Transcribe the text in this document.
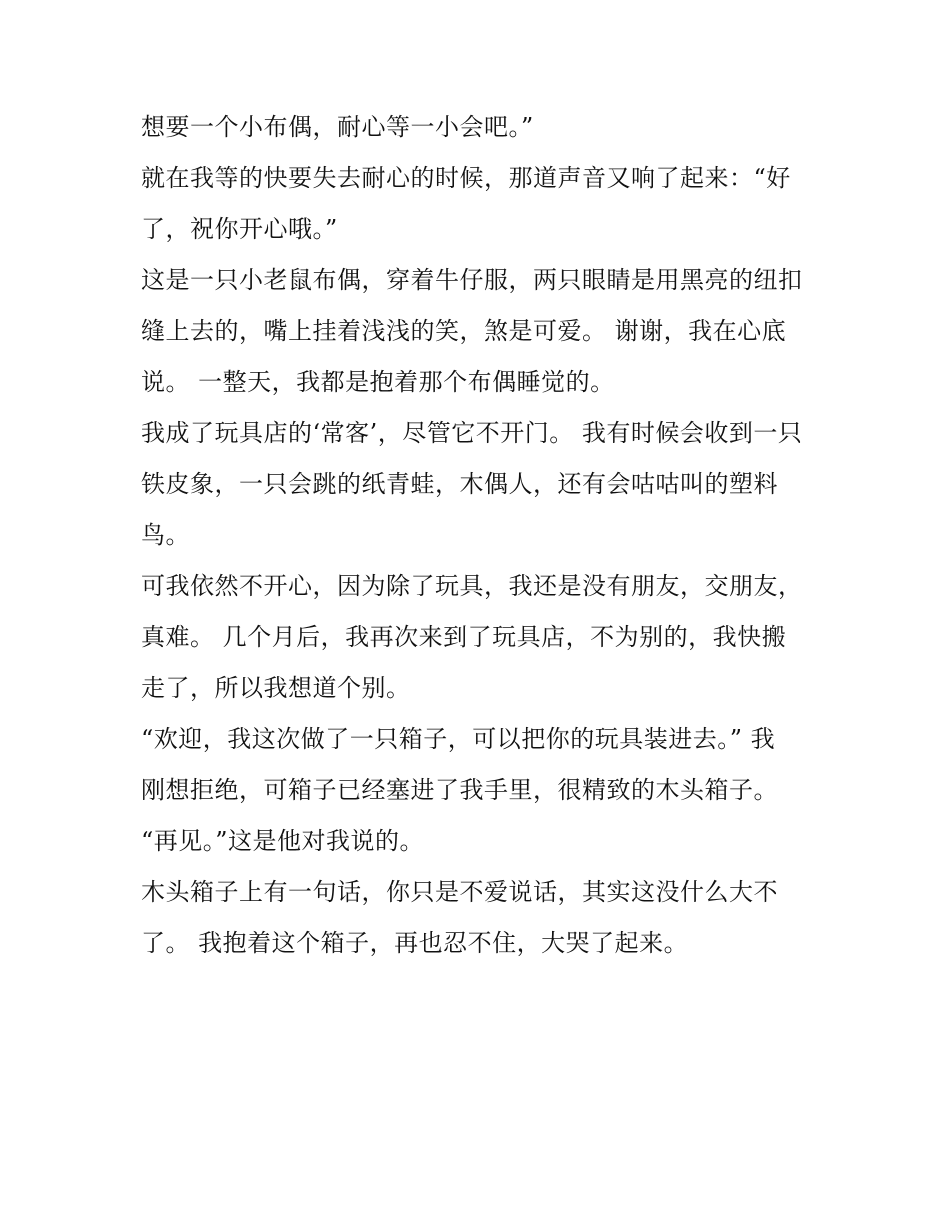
想要一个小布偶，耐心等一小会吧。”
就在我等的快要失去耐心的时候，那道声音又响了起来：“好
了，祝你开心哦。”
这是一只小老鼠布偶，穿着牛仔服，两只眼睛是用黑亮的纽扣
缝上去的，嘴上挂着浅浅的笑，煞是可爱。 谢谢，我在心底
说。 一整天，我都是抱着那个布偶睡觉的。
我成了玩具店的‘常客’，尽管它不开门。 我有时候会收到一只
铁皮象，一只会跳的纸青蛙，木偶人，还有会咕咕叫的塑料
鸟。
可我依然不开心，因为除了玩具，我还是没有朋友，交朋友，
真难。 几个月后，我再次来到了玩具店，不为别的，我快搬
走了，所以我想道个别。
“欢迎，我这次做了一只箱子，可以把你的玩具装进去。” 我
刚想拒绝，可箱子已经塞进了我手里，很精致的木头箱子。
“再见。”这是他对我说的。
木头箱子上有一句话，你只是不爱说话，其实这没什么大不
了。 我抱着这个箱子，再也忍不住，大哭了起来。
